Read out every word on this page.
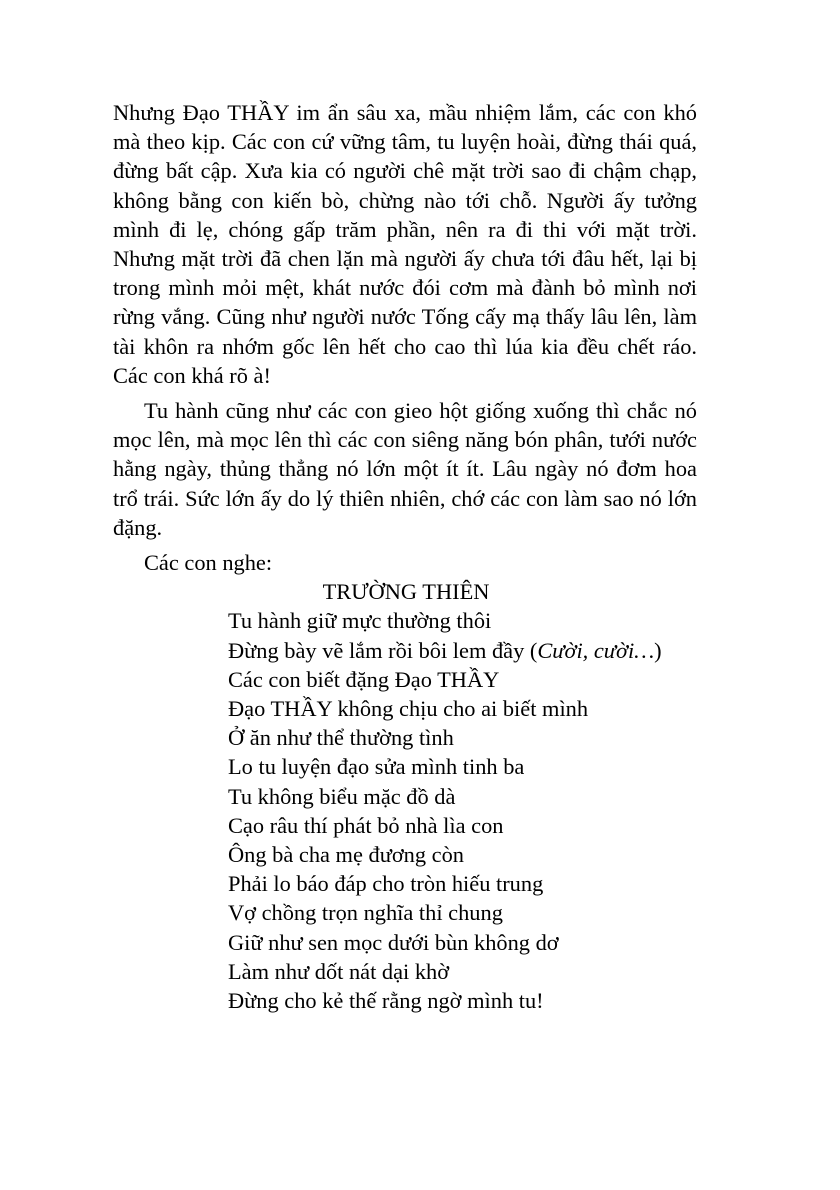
Nhưng Đạo THẦY im ẩn sâu xa, mầu nhiệm lắm, các con khó mà theo kịp. Các con cứ vững tâm, tu luyện hoài, đừng thái quá, đừng bất cập. Xưa kia có người chê mặt trời sao đi chậm chạp, không bằng con kiến bò, chừng nào tới chỗ. Người ấy tưởng mình đi lẹ, chóng gấp trăm phần, nên ra đi thi với mặt trời. Nhưng mặt trời đã chen lặn mà người ấy chưa tới đâu hết, lại bị trong mình mỏi mệt, khát nước đói cơm mà đành bỏ mình nơi rừng vắng. Cũng như người nước Tống cấy mạ thấy lâu lên, làm tài khôn ra nhớm gốc lên hết cho cao thì lúa kia đều chết ráo. Các con khá rõ à!

Tu hành cũng như các con gieo hột giống xuống thì chắc nó mọc lên, mà mọc lên thì các con siêng năng bón phân, tưới nước hằng ngày, thủng thẳng nó lớn một ít ít. Lâu ngày nó đơm hoa trổ trái. Sức lớn ấy do lý thiên nhiên, chớ các con làm sao nó lớn đặng.

Các con nghe:

TRƯỜNG THIÊN

Tu hành giữ mực thường thôi

Đừng bày vẽ lắm rồi bôi lem đầy (Cười, cười…)

Các con biết đặng Đạo THẦY

Đạo THẦY không chịu cho ai biết mình

Ở ăn như thể thường tình

Lo tu luyện đạo sửa mình tinh ba

Tu không biểu mặc đồ dà

Cạo râu thí phát bỏ nhà lìa con

Ông bà cha mẹ đương còn

Phải lo báo đáp cho tròn hiếu trung

Vợ chồng trọn nghĩa thỉ chung

Giữ như sen mọc dưới bùn không dơ

Làm như dốt nát dại khờ

Đừng cho kẻ thế rằng ngờ mình tu!
